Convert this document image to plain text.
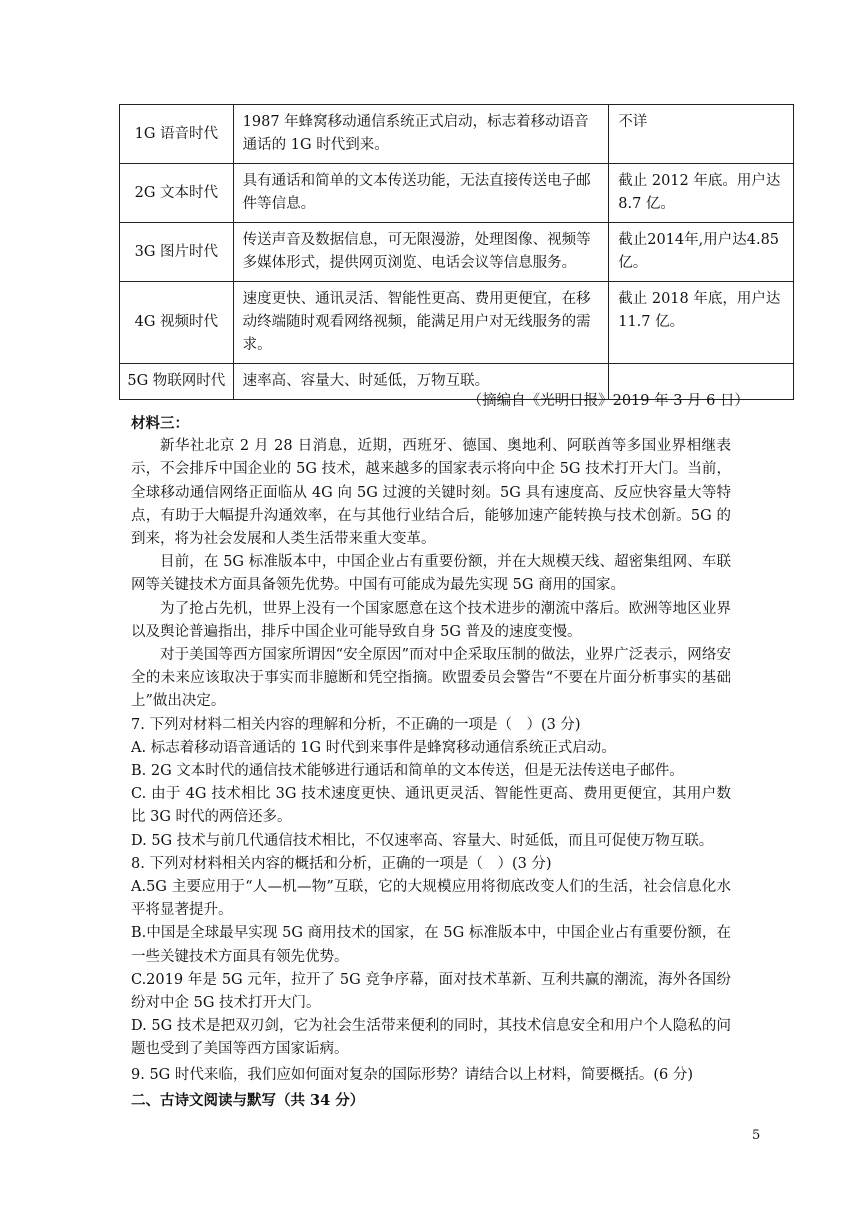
1G 语音时代	1987 年蜂窝移动通信系统正式启动，标志着移动语音通话的 1G 时代到来。	不详
2G 文本时代	具有通话和简单的文本传送功能，无法直接传送电子邮件等信息。	截止 2012 年底。用户达 8.7 亿。
3G 图片时代	传送声音及数据信息，可无限漫游，处理图像、视频等多媒体形式，提供网页浏览、电话会议等信息服务。	截止2014年,用户达4.85亿。
4G 视频时代	速度更快、通讯灵活、智能性更高、费用更便宜，在移动终端随时观看网络视频，能满足用户对无线服务的需求。	截止 2018 年底，用户达 11.7 亿。
5G 物联网时代	速率高、容量大、时延低，万物互联。	
（摘编自《光明日报》2019 年 3 月 6 日）

材料三：

新华社北京 2 月 28 日消息，近期，西班牙、德国、奥地利、阿联酋等多国业界相继表示，不会排斥中国企业的 5G 技术，越来越多的国家表示将向中企 5G 技术打开大门。当前，全球移动通信网络正面临从 4G 向 5G 过渡的关键时刻。5G 具有速度高、反应快容量大等特点，有助于大幅提升沟通效率，在与其他行业结合后，能够加速产能转换与技术创新。5G 的到来，将为社会发展和人类生活带来重大变革。

目前，在 5G 标准版本中，中国企业占有重要份额，并在大规模天线、超密集组网、车联网等关键技术方面具备领先优势。中国有可能成为最先实现 5G 商用的国家。

为了抢占先机，世界上没有一个国家愿意在这个技术进步的潮流中落后。欧洲等地区业界以及舆论普遍指出，排斥中国企业可能导致自身 5G 普及的速度变慢。

对于美国等西方国家所谓因“安全原因”而对中企采取压制的做法，业界广泛表示，网络安全的未来应该取决于事实而非臆断和凭空指摘。欧盟委员会警告“不要在片面分析事实的基础上”做出决定。

7. 下列对材料二相关内容的理解和分析，不正确的一项是（　）(3 分)

A. 标志着移动语音通话的 1G 时代到来事件是蜂窝移动通信系统正式启动。

B. 2G 文本时代的通信技术能够进行通话和简单的文本传送，但是无法传送电子邮件。

C. 由于 4G 技术相比 3G 技术速度更快、通讯更灵活、智能性更高、费用更便宜，其用户数比 3G 时代的两倍还多。

D. 5G 技术与前几代通信技术相比，不仅速率高、容量大、时延低，而且可促使万物互联。

8. 下列对材料相关内容的概括和分析，正确的一项是（　）(3 分)

A.5G 主要应用于“人—机—物”互联，它的大规模应用将彻底改变人们的生活，社会信息化水平将显著提升。

B.中国是全球最早实现 5G 商用技术的国家，在 5G 标准版本中，中国企业占有重要份额，在一些关键技术方面具有领先优势。

C.2019 年是 5G 元年，拉开了 5G 竞争序幕，面对技术革新、互利共赢的潮流，海外各国纷纷对中企 5G 技术打开大门。

D. 5G 技术是把双刃剑，它为社会生活带来便利的同时，其技术信息安全和用户个人隐私的问题也受到了美国等西方国家诟病。

9. 5G 时代来临，我们应如何面对复杂的国际形势？请结合以上材料，简要概括。(6 分)

二、古诗文阅读与默写（共 34 分）

5
